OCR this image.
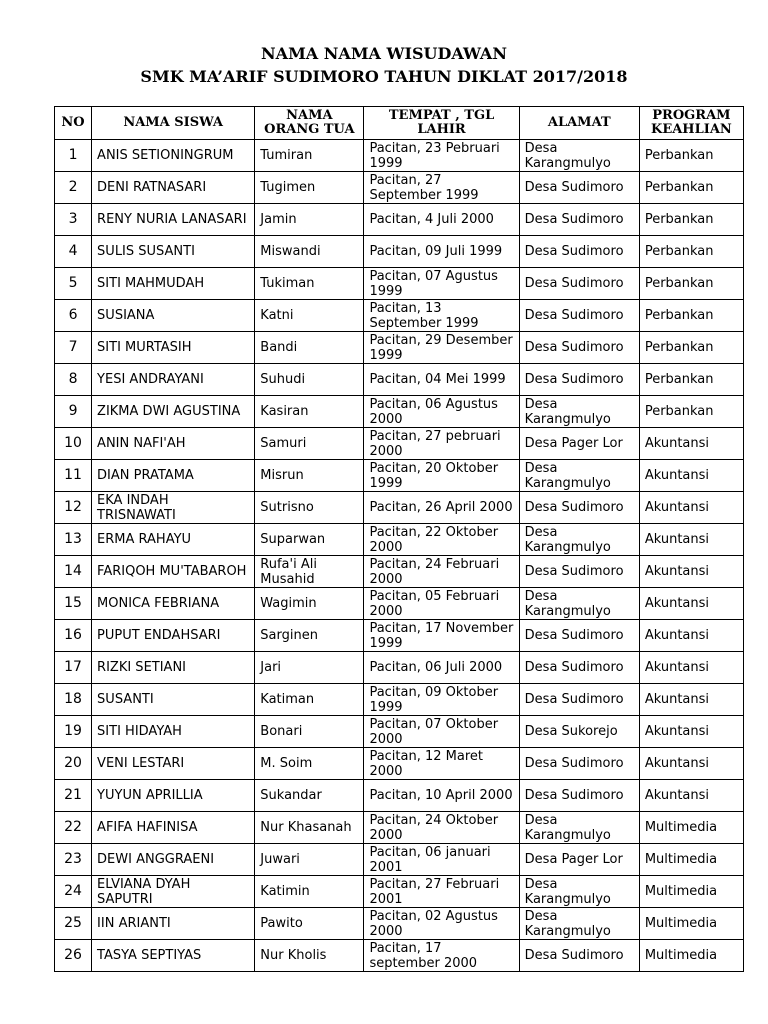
NAMA NAMA WISUDAWAN
SMK MA’ARIF SUDIMORO TAHUN DIKLAT 2017/2018
NO	NAMA SISWA	NAMA ORANG TUA	TEMPAT , TGL LAHIR	ALAMAT	PROGRAM KEAHLIAN
1	ANIS SETIONINGRUM	Tumiran	Pacitan, 23 Pebruari 1999	Desa Karangmulyo	Perbankan
2	DENI RATNASARI	Tugimen	Pacitan, 27 September 1999	Desa Sudimoro	Perbankan
3	RENY NURIA LANASARI	Jamin	Pacitan, 4 Juli 2000	Desa Sudimoro	Perbankan
4	SULIS SUSANTI	Miswandi	Pacitan, 09 Juli 1999	Desa Sudimoro	Perbankan
5	SITI MAHMUDAH	Tukiman	Pacitan, 07 Agustus 1999	Desa Sudimoro	Perbankan
6	SUSIANA	Katni	Pacitan, 13 September 1999	Desa Sudimoro	Perbankan
7	SITI MURTASIH	Bandi	Pacitan, 29 Desember 1999	Desa Sudimoro	Perbankan
8	YESI ANDRAYANI	Suhudi	Pacitan, 04 Mei 1999	Desa Sudimoro	Perbankan
9	ZIKMA DWI AGUSTINA	Kasiran	Pacitan, 06 Agustus 2000	Desa Karangmulyo	Perbankan
10	ANIN NAFI'AH	Samuri	Pacitan, 27 pebruari 2000	Desa Pager Lor	Akuntansi
11	DIAN PRATAMA	Misrun	Pacitan, 20 Oktober 1999	Desa Karangmulyo	Akuntansi
12	EKA INDAH TRISNAWATI	Sutrisno	Pacitan, 26 April 2000	Desa Sudimoro	Akuntansi
13	ERMA RAHAYU	Suparwan	Pacitan, 22 Oktober 2000	Desa Karangmulyo	Akuntansi
14	FARIQOH MU'TABAROH	Rufa'i Ali Musahid	Pacitan, 24 Februari 2000	Desa Sudimoro	Akuntansi
15	MONICA FEBRIANA	Wagimin	Pacitan, 05 Februari 2000	Desa Karangmulyo	Akuntansi
16	PUPUT ENDAHSARI	Sarginen	Pacitan, 17 November 1999	Desa Sudimoro	Akuntansi
17	RIZKI SETIANI	Jari	Pacitan, 06 Juli 2000	Desa Sudimoro	Akuntansi
18	SUSANTI	Katiman	Pacitan, 09 Oktober 1999	Desa Sudimoro	Akuntansi
19	SITI HIDAYAH	Bonari	Pacitan, 07 Oktober 2000	Desa Sukorejo	Akuntansi
20	VENI LESTARI	M. Soim	Pacitan, 12 Maret 2000	Desa Sudimoro	Akuntansi
21	YUYUN APRILLIA	Sukandar	Pacitan, 10 April 2000	Desa Sudimoro	Akuntansi
22	AFIFA HAFINISA	Nur Khasanah	Pacitan, 24 Oktober 2000	Desa Karangmulyo	Multimedia
23	DEWI ANGGRAENI	Juwari	Pacitan, 06 januari 2001	Desa Pager Lor	Multimedia
24	ELVIANA DYAH SAPUTRI	Katimin	Pacitan, 27 Februari 2001	Desa Karangmulyo	Multimedia
25	IIN ARIANTI	Pawito	Pacitan, 02 Agustus 2000	Desa Karangmulyo	Multimedia
26	TASYA SEPTIYAS	Nur Kholis	Pacitan, 17 september 2000	Desa Sudimoro	Multimedia
